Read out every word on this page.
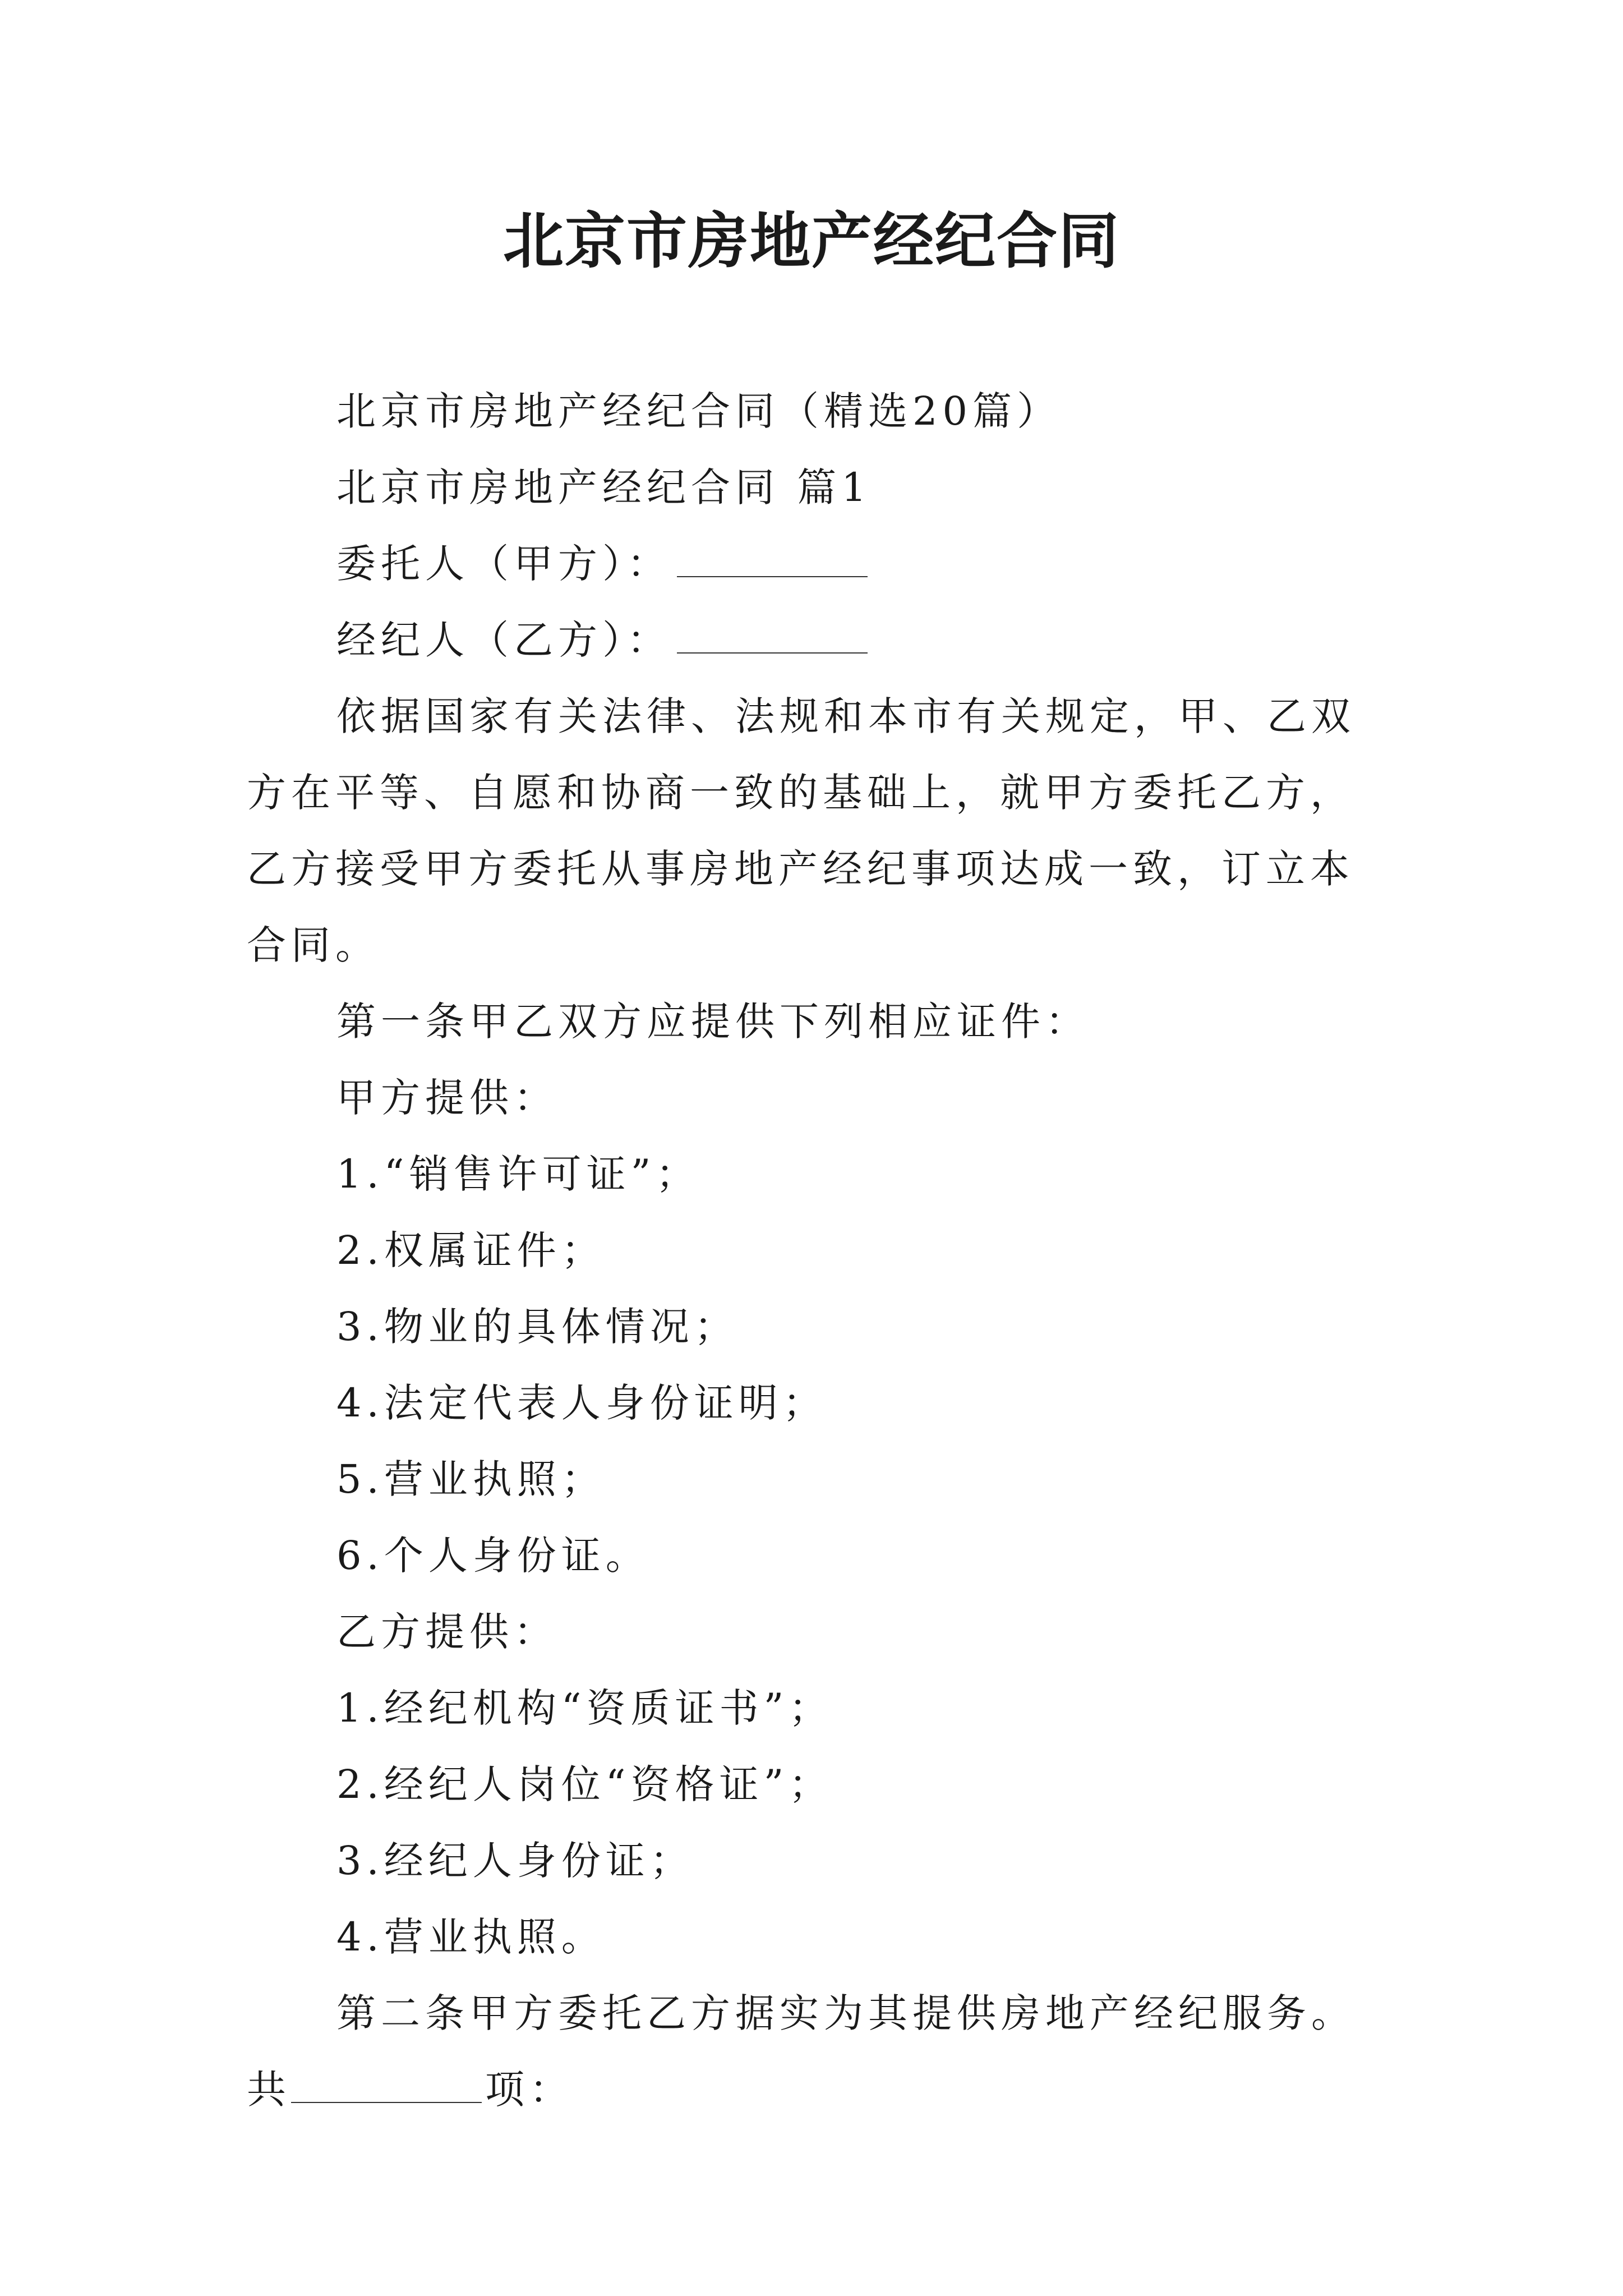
北京市房地产经纪合同

北京市房地产经纪合同（精选20篇）

北京市房地产经纪合同 篇1

委托人（甲方）：

经纪人（乙方）：

依据国家有关法律、法规和本市有关规定，甲、乙双方在平等、自愿和协商一致的基础上，就甲方委托乙方，乙方接受甲方委托从事房地产经纪事项达成一致，订立本合同。

第一条甲乙双方应提供下列相应证件：

甲方提供：

1.“销售许可证”；

2.权属证件；

3.物业的具体情况；

4.法定代表人身份证明；

5.营业执照；

6.个人身份证。

乙方提供：

1.经纪机构“资质证书”；

2.经纪人岗位“资格证”；

3.经纪人身份证；

4.营业执照。

第二条甲方委托乙方据实为其提供房地产经纪服务。共	项：
